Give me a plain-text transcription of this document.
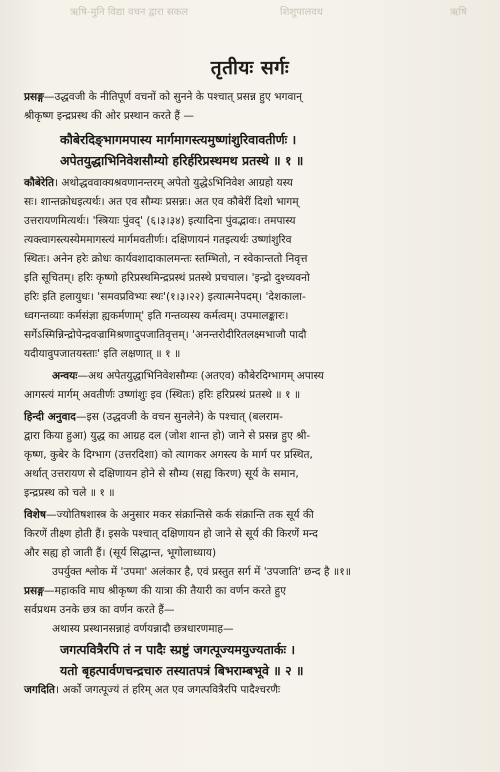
ऋषि-मुनि विद्या वचन द्वारा सकल	शिशुपालवध	ऋषि
तृतीयः सर्गः

प्रसङ्ग—उद्धवजी के नीतिपूर्ण वचनों को सुनने के पश्चात् प्रसन्न हुए भगवान्

श्रीकृष्ण इन्द्रप्रस्थ की ओर प्रस्थान करते हैं —

कौबेरदिङ्भागमपास्य मार्गमागस्त्यमुष्णांशुरिवावतीर्णः ।
अपेतयुद्धाभिनिवेशसौम्यो हरिर्हरिप्रस्थमथ प्रतस्थे ॥ १ ॥

कौबेरेति। अथोद्धववाक्यश्रवणानन्तरम् अपेतो युद्धेऽभिनिवेश आग्रहो यस्य

सः। शान्तक्रोधइत्यर्थः। अत एव सौम्यः प्रसन्नः। अत एव कौबेरीं दिशो भागम्

उत्तरायणमित्यर्थः। 'स्त्रियाः पुंवद्' (६।३।३४) इत्यादिना पुंवद्भावः। तमपास्य

त्यक्त्वागस्त्यस्येममागस्त्यं मार्गमवतीर्णः। दक्षिणायनं गतइत्यर्थः उष्णांशुरिव

स्थितः। अनेन हरेः क्रोधः कार्यवशादाकालमन्तः स्तम्भितो, न स्वेकान्ततो निवृत्त

इति सूचितम्। हरिः कृष्णो हरिप्रस्थमिन्द्रप्रस्थं प्रतस्थे प्रचचाल। 'इन्द्रो दुश्च्यवनो

हरिः इति हलायुधः। 'समवप्रविभ्यः स्थः'(१।३।२२) इत्यात्मनेपदम्। 'देशकाला-

ध्वगन्तव्याः कर्मसंज्ञा ह्यकर्मणाम्' इति गन्तव्यस्य कर्मत्वम्। उपमालङ्कारः।

सर्गेऽस्मिन्निन्द्रोपेन्द्रवज्रामिश्रणादुपजातिवृत्तम्। 'अनन्तरोदीरितलक्ष्मभाजौ पादौ

यदीयावुपजातयस्ताः' इति लक्षणात् ॥ १ ॥

अन्वयः—अथ अपेतयुद्धाभिनिवेशसौम्यः (अतएव) कौबेरदिग्भागम् अपास्य

आगस्त्यं मार्गम् अवतीर्णः उष्णांशुः इव (स्थितः) हरिः हरिप्रस्थं प्रतस्थे ॥ १ ॥

हिन्दी अनुवाद—इस (उद्धवजी के वचन सुनलेने) के पश्चात् (बलराम-

द्वारा किया हुआ) युद्ध का आग्रह दल (जोश शान्त हो) जाने से प्रसन्न हुए श्री-

कृष्ण, कुबेर के दिग्भाग (उत्तरदिशा) को त्यागकर अगस्त्य के मार्ग पर प्रस्थित,

अर्थात् उत्तरायण से दक्षिणायन होने से सौम्य (सह्य किरण) सूर्य के समान,

इन्द्रप्रस्थ को चले ॥ १ ॥

विशेष—ज्योतिषशास्त्र के अनुसार मकर संक्रान्तिसे कर्क संक्रान्ति तक सूर्य की

किरणें तीक्ष्ण होती हैं। इसके पश्चात् दक्षिणायन हो जाने से सूर्य की किरणें मन्द

और सह्य हो जाती हैं। (सूर्य सिद्धान्त, भूगोलाध्याय)

उपर्युक्त श्लोक में 'उपमा' अलंकार है, एवं प्रस्तुत सर्ग में 'उपजाति' छन्द है ॥१॥

प्रसङ्ग—महाकवि माघ श्रीकृष्ण की यात्रा की तैयारी का वर्णन करते हुए

सर्वप्रथम उनके छत्र का वर्णन करते हैं—

अथास्य प्रस्थानसन्नाहं वर्णयन्नादौ छत्रधारणमाह—

जगत्पवित्रैरपि तं न पादैः स्प्रष्टुं जगत्पूज्यमयुज्यतार्कः ।
यतो बृहत्पार्वणचन्द्रचारु तस्यातपत्रं बिभराम्बभूवे ॥ २ ॥

जगदिति। अर्को जगत्पूज्यं तं हरिम् अत एव जगत्पवित्रैरपि पादैश्चरणैः
